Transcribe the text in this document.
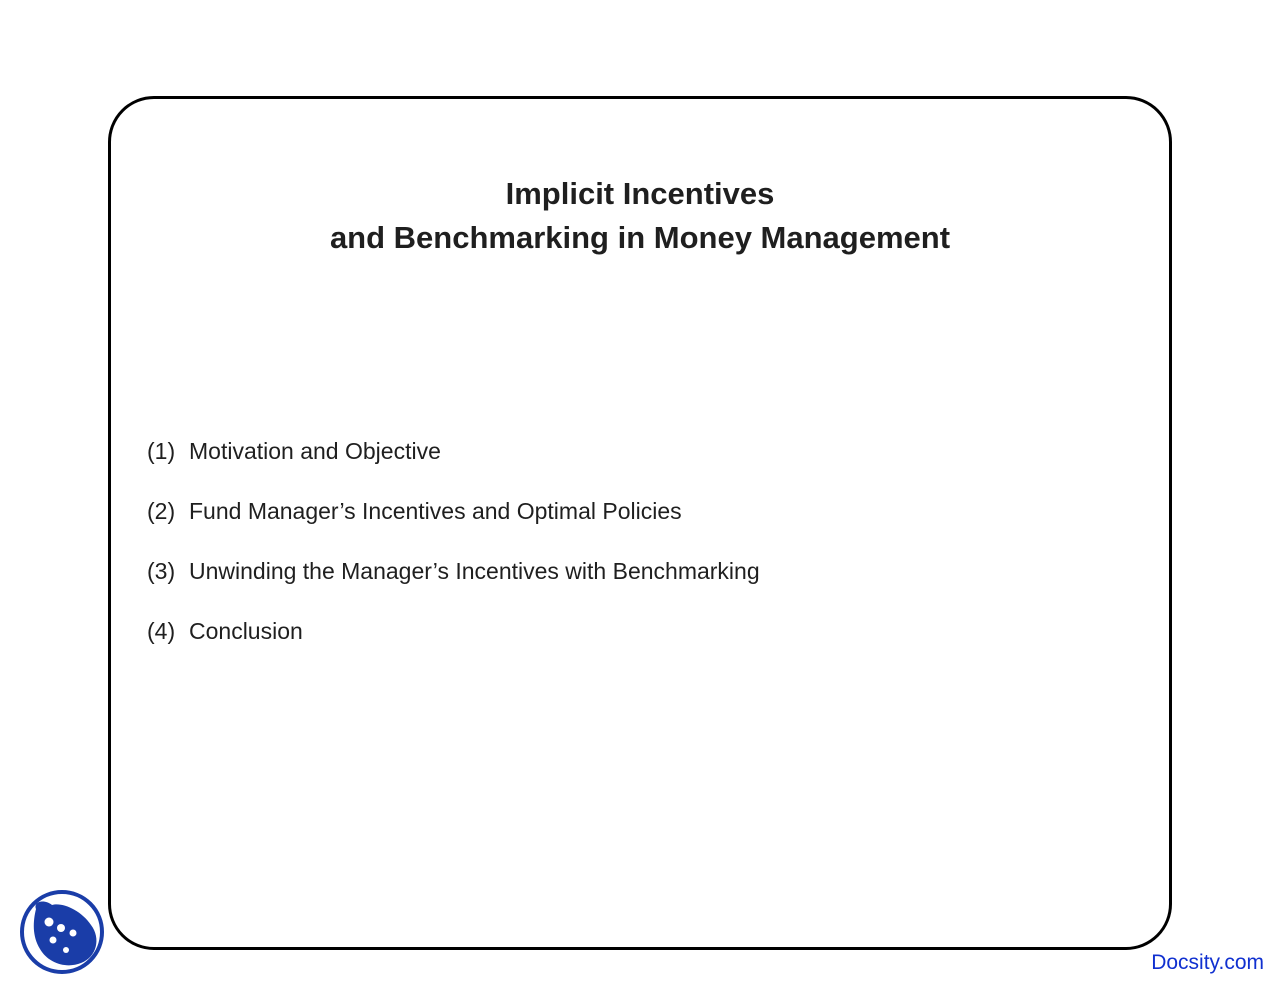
Implicit Incentives
and Benchmarking in Money Management
(1) Motivation and Objective
(2) Fund Manager’s Incentives and Optimal Policies
(3) Unwinding the Manager’s Incentives with Benchmarking
(4) Conclusion
Docsity.com
